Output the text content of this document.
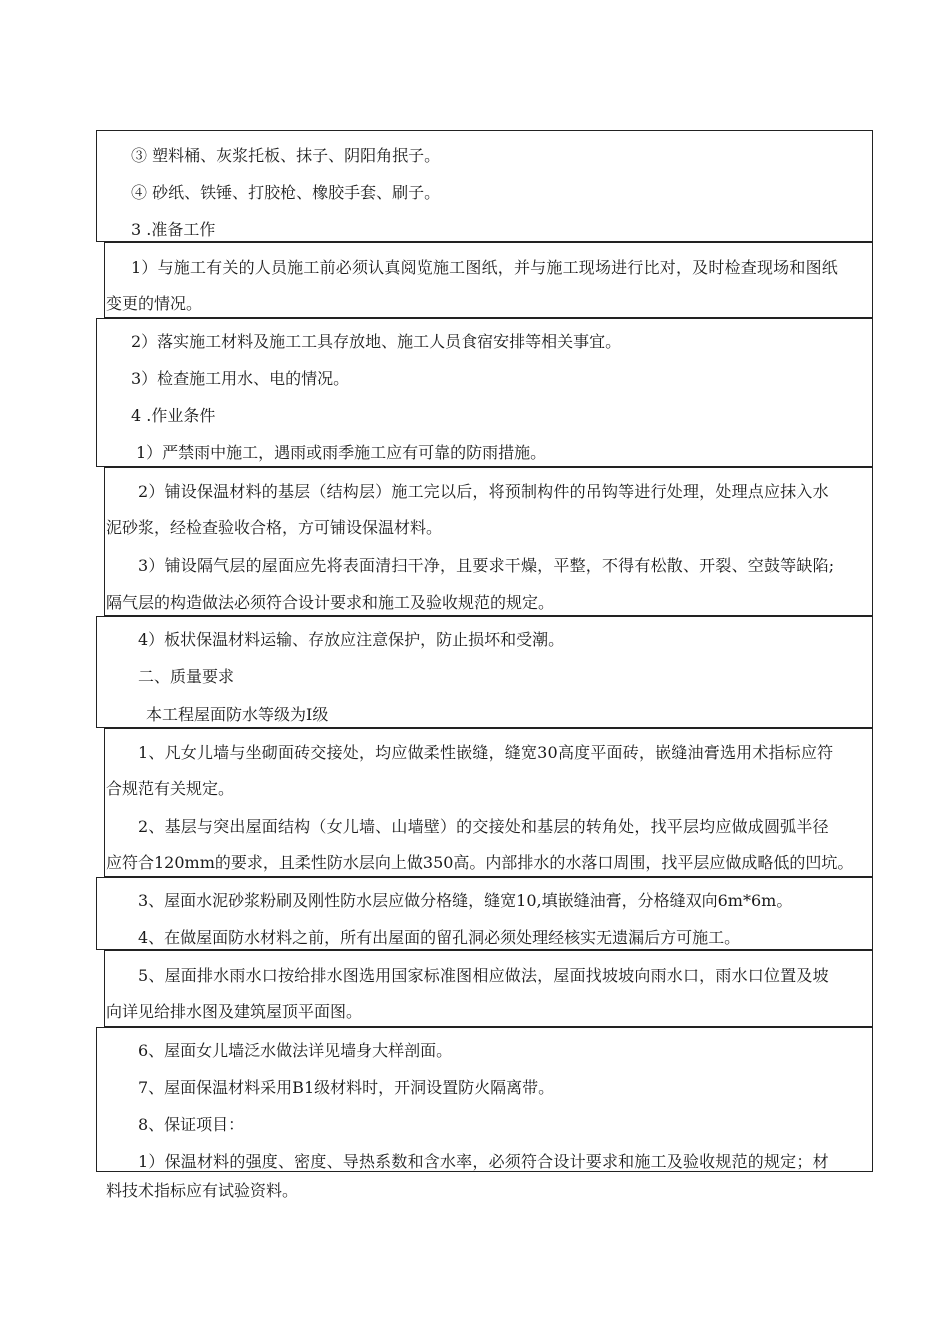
③ 塑料桶、灰浆托板、抹子、阴阳角抿子。
④ 砂纸、铁锤、打胶枪、橡胶手套、刷子。
3 .准备工作
1）与施工有关的人员施工前必须认真阅览施工图纸，并与施工现场进行比对，及时检查现场和图纸
变更的情况。
2）落实施工材料及施工工具存放地、施工人员食宿安排等相关事宜。
3）检查施工用水、电的情况。
4 .作业条件
1）严禁雨中施工，遇雨或雨季施工应有可靠的防雨措施。
2）铺设保温材料的基层（结构层）施工完以后，将预制构件的吊钩等进行处理，处理点应抹入水
泥砂浆，经检查验收合格，方可铺设保温材料。
3）铺设隔气层的屋面应先将表面清扫干净，且要求干燥，平整，不得有松散、开裂、空鼓等缺陷;
隔气层的构造做法必须符合设计要求和施工及验收规范的规定。
4）板状保温材料运输、存放应注意保护，防止损坏和受潮。
二、质量要求
本工程屋面防水等级为Ⅰ级
1、凡女儿墙与坐砌面砖交接处，均应做柔性嵌缝，缝宽30高度平面砖，嵌缝油膏选用术指标应符
合规范有关规定。
2、基层与突出屋面结构（女儿墙、山墙壁）的交接处和基层的转角处，找平层均应做成圆弧半径
应符合120mm的要求，且柔性防水层向上做350高。内部排水的水落口周围，找平层应做成略低的凹坑。
3、屋面水泥砂浆粉刷及刚性防水层应做分格缝，缝宽10,填嵌缝油膏，分格缝双向6m*6m。
4、在做屋面防水材料之前，所有出屋面的留孔洞必须处理经核实无遗漏后方可施工。
5、屋面排水雨水口按给排水图选用国家标准图相应做法，屋面找坡坡向雨水口，雨水口位置及坡
向详见给排水图及建筑屋顶平面图。
6、屋面女儿墙泛水做法详见墙身大样剖面。
7、屋面保温材料采用B1级材料时，开洞设置防火隔离带。
8、保证项目：
1）保温材料的强度、密度、导热系数和含水率，必须符合设计要求和施工及验收规范的规定；材
料技术指标应有试验资料。
